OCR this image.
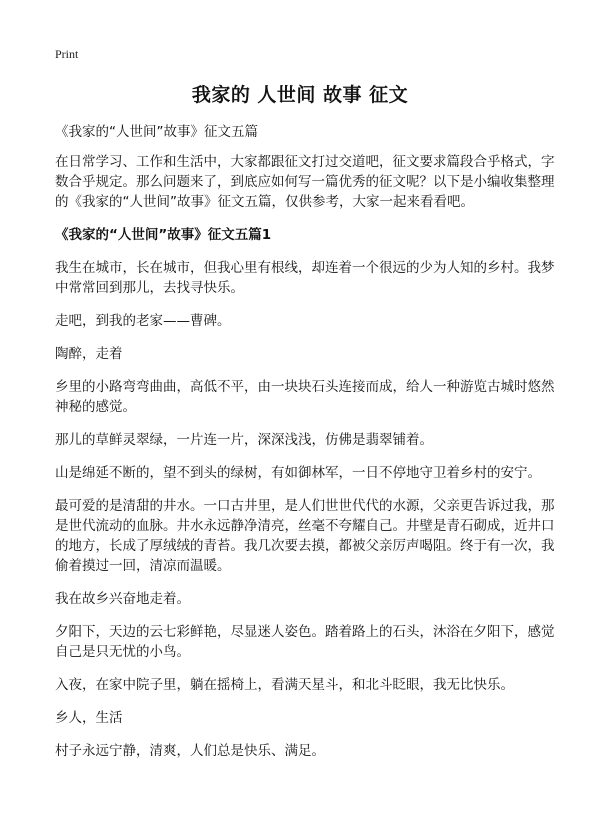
Print
我家的 人世间 故事 征文
《我家的“人世间”故事》征文五篇

在日常学习、工作和生活中，大家都跟征文打过交道吧，征文要求篇段合乎格式，字数合乎规定。那么问题来了，到底应如何写一篇优秀的征文呢？以下是小编收集整理的《我家的“人世间”故事》征文五篇，仅供参考，大家一起来看看吧。

《我家的“人世间”故事》征文五篇1

我生在城市，长在城市，但我心里有根线，却连着一个很远的少为人知的乡村。我梦中常常回到那儿，去找寻快乐。

走吧，到我的老家——曹碑。

陶醉，走着

乡里的小路弯弯曲曲，高低不平，由一块块石头连接而成，给人一种游览古城时悠然神秘的感觉。

那儿的草鲜灵翠绿，一片连一片，深深浅浅，仿佛是翡翠铺着。

山是绵延不断的，望不到头的绿树，有如御林军，一日不停地守卫着乡村的安宁。

最可爱的是清甜的井水。一口古井里，是人们世世代代的水源，父亲更告诉过我，那是世代流动的血脉。井水永远静净清亮，丝毫不夸耀自己。井壁是青石砌成，近井口的地方，长成了厚绒绒的青苔。我几次要去摸，都被父亲厉声喝阻。终于有一次，我偷着摸过一回，清凉而温暖。

我在故乡兴奋地走着。

夕阳下，天边的云七彩鲜艳，尽显迷人姿色。踏着路上的石头，沐浴在夕阳下，感觉自己是只无忧的小鸟。

入夜，在家中院子里，躺在摇椅上，看满天星斗，和北斗眨眼，我无比快乐。

乡人，生活

村子永远宁静，清爽，人们总是快乐、满足。
